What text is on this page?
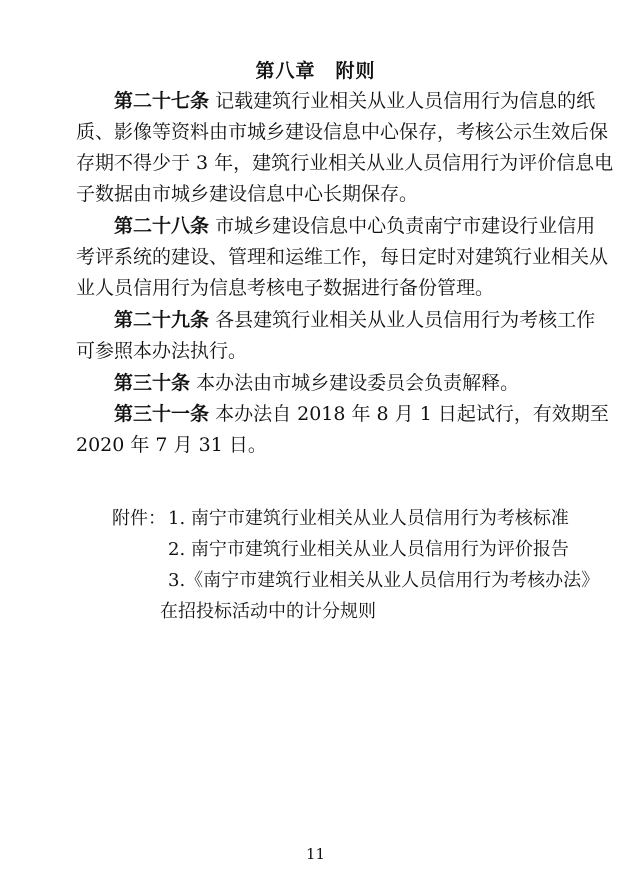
第八章　附则
第二十七条 记载建筑行业相关从业人员信用行为信息的纸
质、影像等资料由市城乡建设信息中心保存，考核公示生效后保
存期不得少于 3 年，建筑行业相关从业人员信用行为评价信息电
子数据由市城乡建设信息中心长期保存。
第二十八条 市城乡建设信息中心负责南宁市建设行业信用
考评系统的建设、管理和运维工作，每日定时对建筑行业相关从
业人员信用行为信息考核电子数据进行备份管理。
第二十九条 各县建筑行业相关从业人员信用行为考核工作
可参照本办法执行。
第三十条 本办法由市城乡建设委员会负责解释。
第三十一条 本办法自 2018 年 8 月 1 日起试行，有效期至
2020 年 7 月 31 日。
附件： 1. 南宁市建筑行业相关从业人员信用行为考核标准
2. 南宁市建筑行业相关从业人员信用行为评价报告
3.《南宁市建筑行业相关从业人员信用行为考核办法》
在招投标活动中的计分规则
11
